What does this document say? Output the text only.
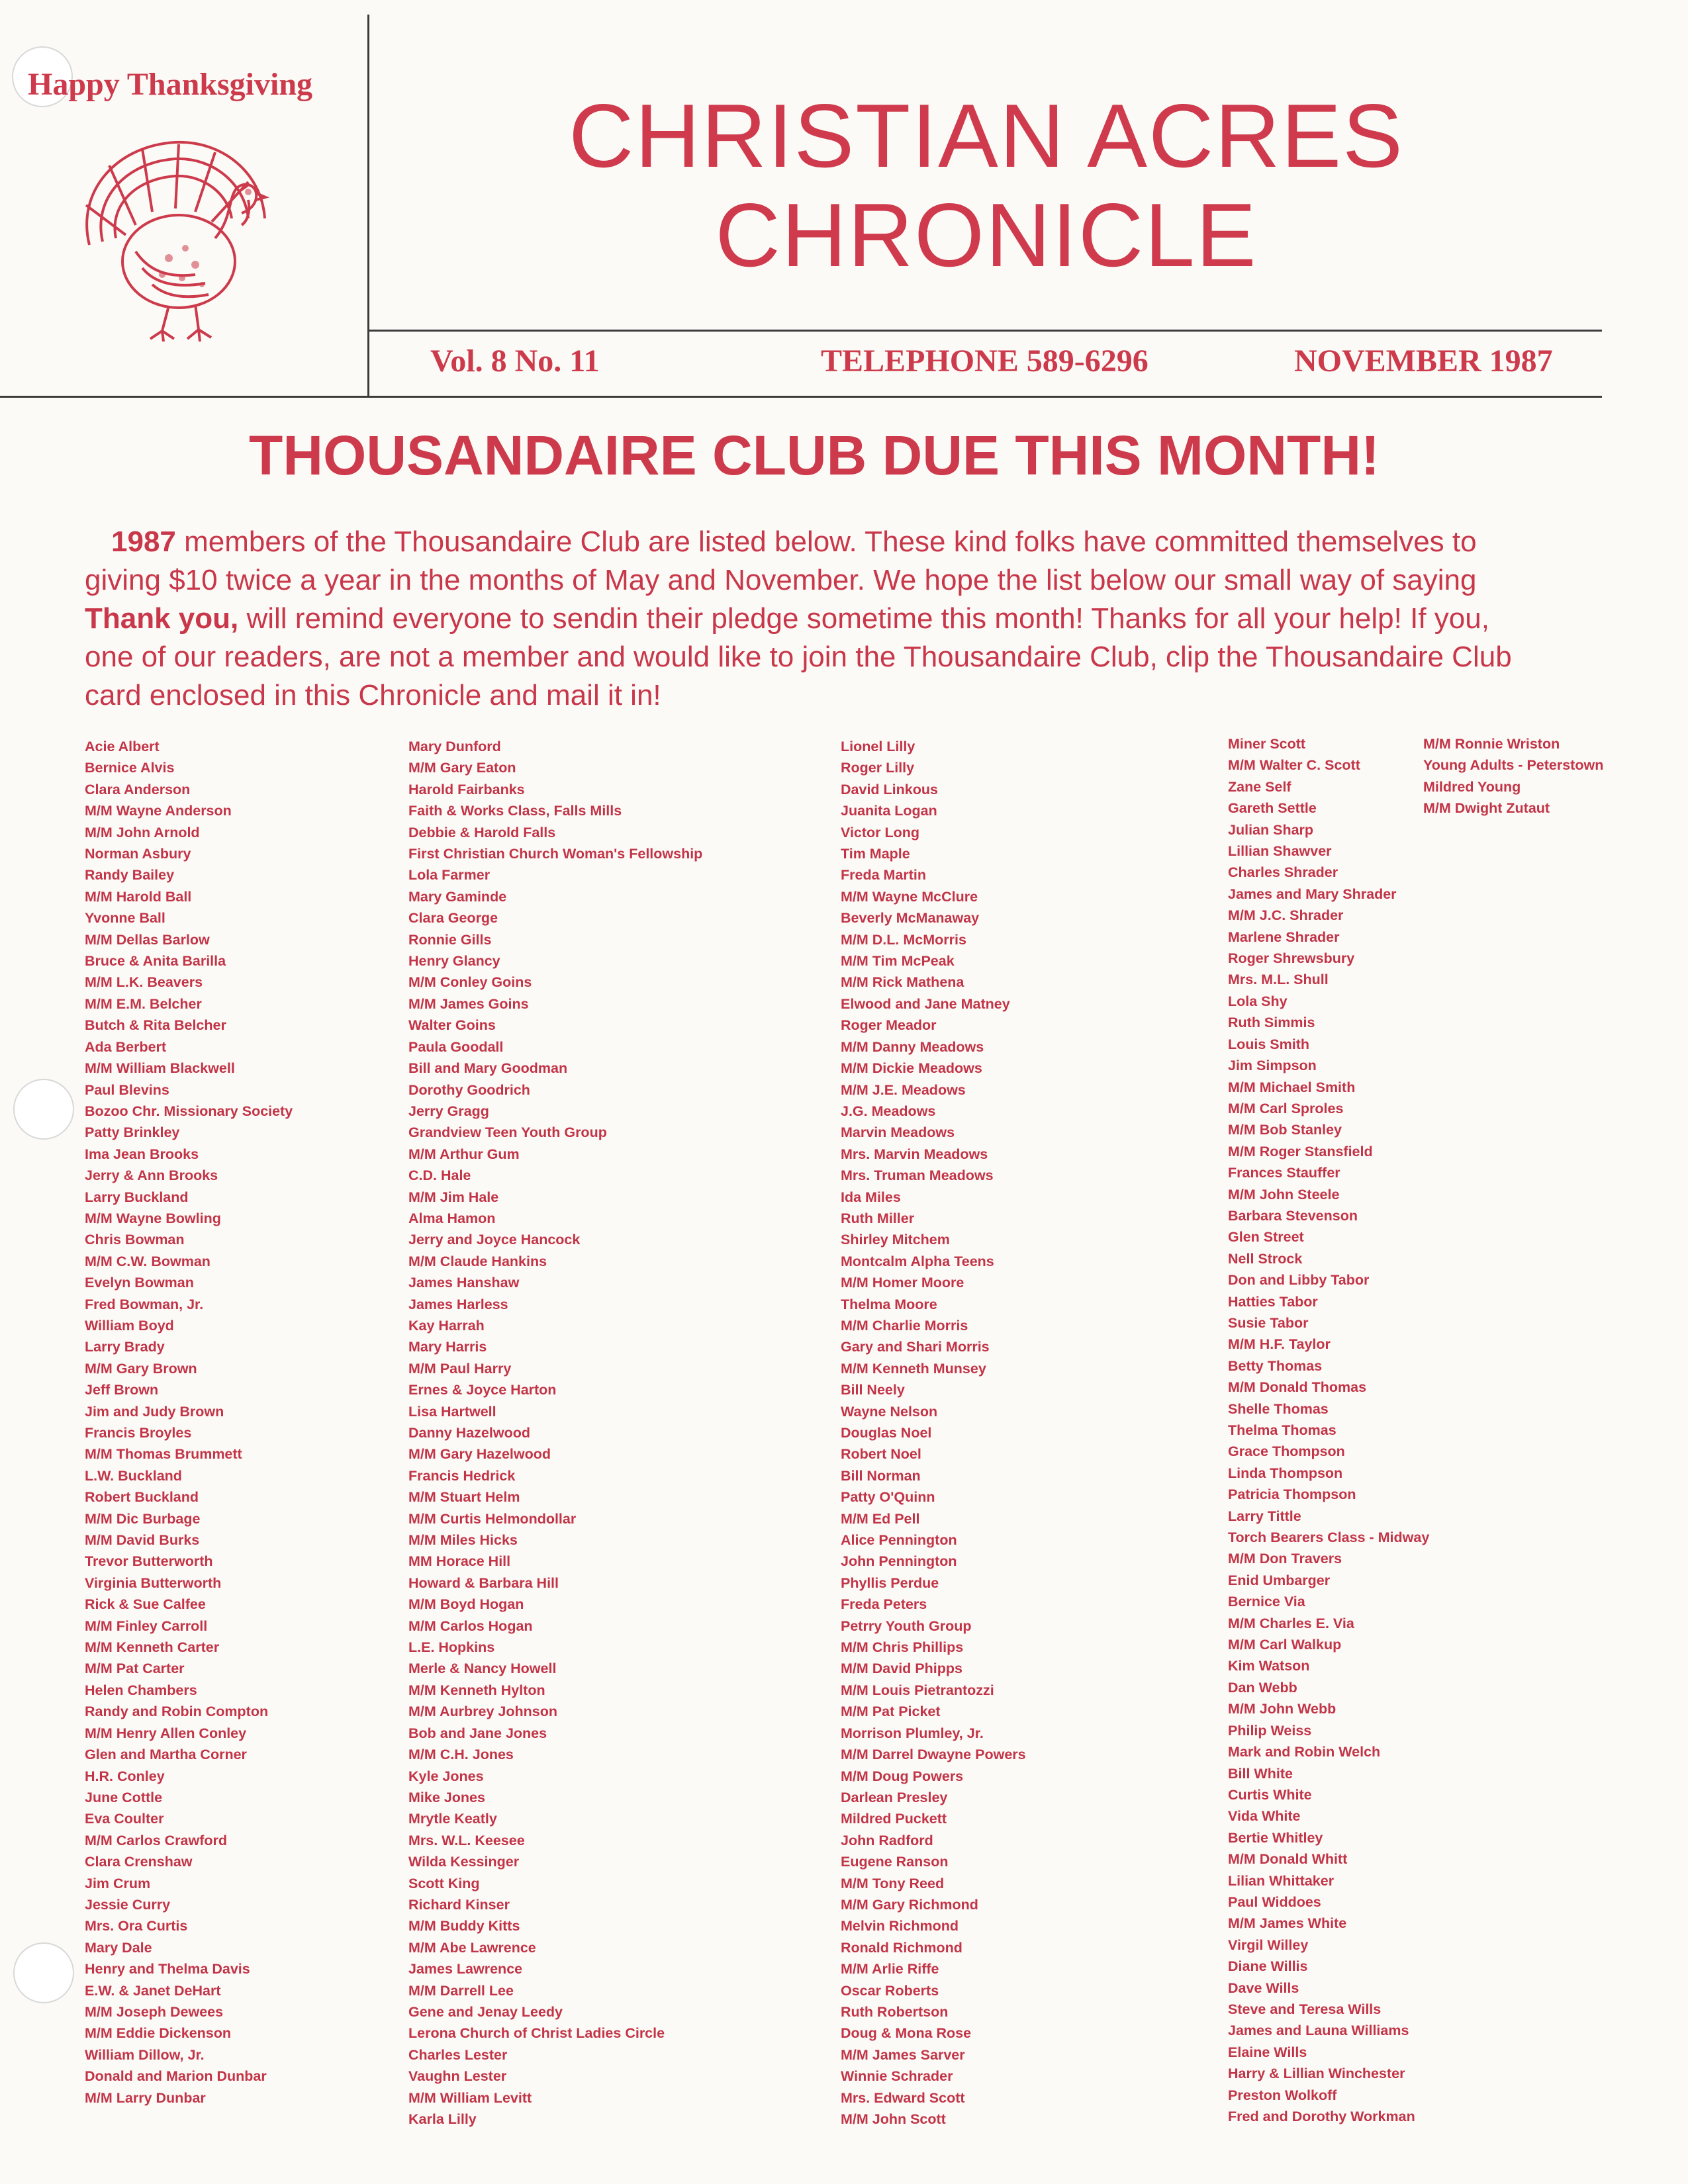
Happy Thanksgiving
CHRISTIAN ACRES
CHRONICLE
Vol. 8 No. 11	TELEPHONE 589-6296	NOVEMBER 1987
THOUSANDAIRE CLUB DUE THIS MONTH!

1987 members of the Thousandaire Club are listed below. These kind folks have committed themselves to giving $10 twice a year in the months of May and November. We hope the list below our small way of saying Thank you, will remind everyone to sendin their pledge sometime this month! Thanks for all your help! If you, one of our readers, are not a member and would like to join the Thousandaire Club, clip the Thousandaire Club card enclosed in this Chronicle and mail it in!

Acie Albert
Bernice Alvis
Clara Anderson
M/M Wayne Anderson
M/M John Arnold
Norman Asbury
Randy Bailey
M/M Harold Ball
Yvonne Ball
M/M Dellas Barlow
Bruce & Anita Barilla
M/M L.K. Beavers
M/M E.M. Belcher
Butch & Rita Belcher
Ada Berbert
M/M William Blackwell
Paul Blevins
Bozoo Chr. Missionary Society
Patty Brinkley
Ima Jean Brooks
Jerry & Ann Brooks
Larry Buckland
M/M Wayne Bowling
Chris Bowman
M/M C.W. Bowman
Evelyn Bowman
Fred Bowman, Jr.
William Boyd
Larry Brady
M/M Gary Brown
Jeff Brown
Jim and Judy Brown
Francis Broyles
M/M Thomas Brummett
L.W. Buckland
Robert Buckland
M/M Dic Burbage
M/M David Burks
Trevor Butterworth
Virginia Butterworth
Rick & Sue Calfee
M/M Finley Carroll
M/M Kenneth Carter
M/M Pat Carter
Helen Chambers
Randy and Robin Compton
M/M Henry Allen Conley
Glen and Martha Corner
H.R. Conley
June Cottle
Eva Coulter
M/M Carlos Crawford
Clara Crenshaw
Jim Crum
Jessie Curry
Mrs. Ora Curtis
Mary Dale
Henry and Thelma Davis
E.W. & Janet DeHart
M/M Joseph Dewees
M/M Eddie Dickenson
William Dillow, Jr.
Donald and Marion Dunbar
M/M Larry Dunbar
Mary Dunford
M/M Gary Eaton
Harold Fairbanks
Faith & Works Class, Falls Mills
Debbie & Harold Falls
First Christian Church Woman's Fellowship
Lola Farmer
Mary Gaminde
Clara George
Ronnie Gills
Henry Glancy
M/M Conley Goins
M/M James Goins
Walter Goins
Paula Goodall
Bill and Mary Goodman
Dorothy Goodrich
Jerry Gragg
Grandview Teen Youth Group
M/M Arthur Gum
C.D. Hale
M/M Jim Hale
Alma Hamon
Jerry and Joyce Hancock
M/M Claude Hankins
James Hanshaw
James Harless
Kay Harrah
Mary Harris
M/M Paul Harry
Ernes & Joyce Harton
Lisa Hartwell
Danny Hazelwood
M/M Gary Hazelwood
Francis Hedrick
M/M Stuart Helm
M/M Curtis Helmondollar
M/M Miles Hicks
MM Horace Hill
Howard & Barbara Hill
M/M Boyd Hogan
M/M Carlos Hogan
L.E. Hopkins
Merle & Nancy Howell
M/M Kenneth Hylton
M/M Aurbrey Johnson
Bob and Jane Jones
M/M C.H. Jones
Kyle Jones
Mike Jones
Mrytle Keatly
Mrs. W.L. Keesee
Wilda Kessinger
Scott King
Richard Kinser
M/M Buddy Kitts
M/M Abe Lawrence
James Lawrence
M/M Darrell Lee
Gene and Jenay Leedy
Lerona Church of Christ Ladies Circle
Charles Lester
Vaughn Lester
M/M William Levitt
Karla Lilly
Lionel Lilly
Roger Lilly
David Linkous
Juanita Logan
Victor Long
Tim Maple
Freda Martin
M/M Wayne McClure
Beverly McManaway
M/M D.L. McMorris
M/M Tim McPeak
M/M Rick Mathena
Elwood and Jane Matney
Roger Meador
M/M Danny Meadows
M/M Dickie Meadows
M/M J.E. Meadows
J.G. Meadows
Marvin Meadows
Mrs. Marvin Meadows
Mrs. Truman Meadows
Ida Miles
Ruth Miller
Shirley Mitchem
Montcalm Alpha Teens
M/M Homer Moore
Thelma Moore
M/M Charlie Morris
Gary and Shari Morris
M/M Kenneth Munsey
Bill Neely
Wayne Nelson
Douglas Noel
Robert Noel
Bill Norman
Patty O'Quinn
M/M Ed Pell
Alice Pennington
John Pennington
Phyllis Perdue
Freda Peters
Petrry Youth Group
M/M Chris Phillips
M/M David Phipps
M/M Louis Pietrantozzi
M/M Pat Picket
Morrison Plumley, Jr.
M/M Darrel Dwayne Powers
M/M Doug Powers
Darlean Presley
Mildred Puckett
John Radford
Eugene Ranson
M/M Tony Reed
M/M Gary Richmond
Melvin Richmond
Ronald Richmond
M/M Arlie Riffe
Oscar Roberts
Ruth Robertson
Doug & Mona Rose
M/M James Sarver
Winnie Schrader
Mrs. Edward Scott
M/M John Scott
Miner Scott
M/M Walter C. Scott
Zane Self
Gareth Settle
Julian Sharp
Lillian Shawver
Charles Shrader
James and Mary Shrader
M/M J.C. Shrader
Marlene Shrader
Roger Shrewsbury
Mrs. M.L. Shull
Lola Shy
Ruth Simmis
Louis Smith
Jim Simpson
M/M Michael Smith
M/M Carl Sproles
M/M Bob Stanley
M/M Roger Stansfield
Frances Stauffer
M/M John Steele
Barbara Stevenson
Glen Street
Nell Strock
Don and Libby Tabor
Hatties Tabor
Susie Tabor
M/M H.F. Taylor
Betty Thomas
M/M Donald Thomas
Shelle Thomas
Thelma Thomas
Grace Thompson
Linda Thompson
Patricia Thompson
Larry Tittle
Torch Bearers Class - Midway
M/M Don Travers
Enid Umbarger
Bernice Via
M/M Charles E. Via
M/M Carl Walkup
Kim Watson
Dan Webb
M/M John Webb
Philip Weiss
Mark and Robin Welch
Bill White
Curtis White
Vida White
Bertie Whitley
M/M Donald Whitt
Lilian Whittaker
Paul Widdoes
M/M James White
Virgil Willey
Diane Willis
Dave Wills
Steve and Teresa Wills
James and Launa Williams
Elaine Wills
Harry & Lillian Winchester
Preston Wolkoff
Fred and Dorothy Workman
M/M Ronnie Wriston
Young Adults - Peterstown
Mildred Young
M/M Dwight Zutaut
